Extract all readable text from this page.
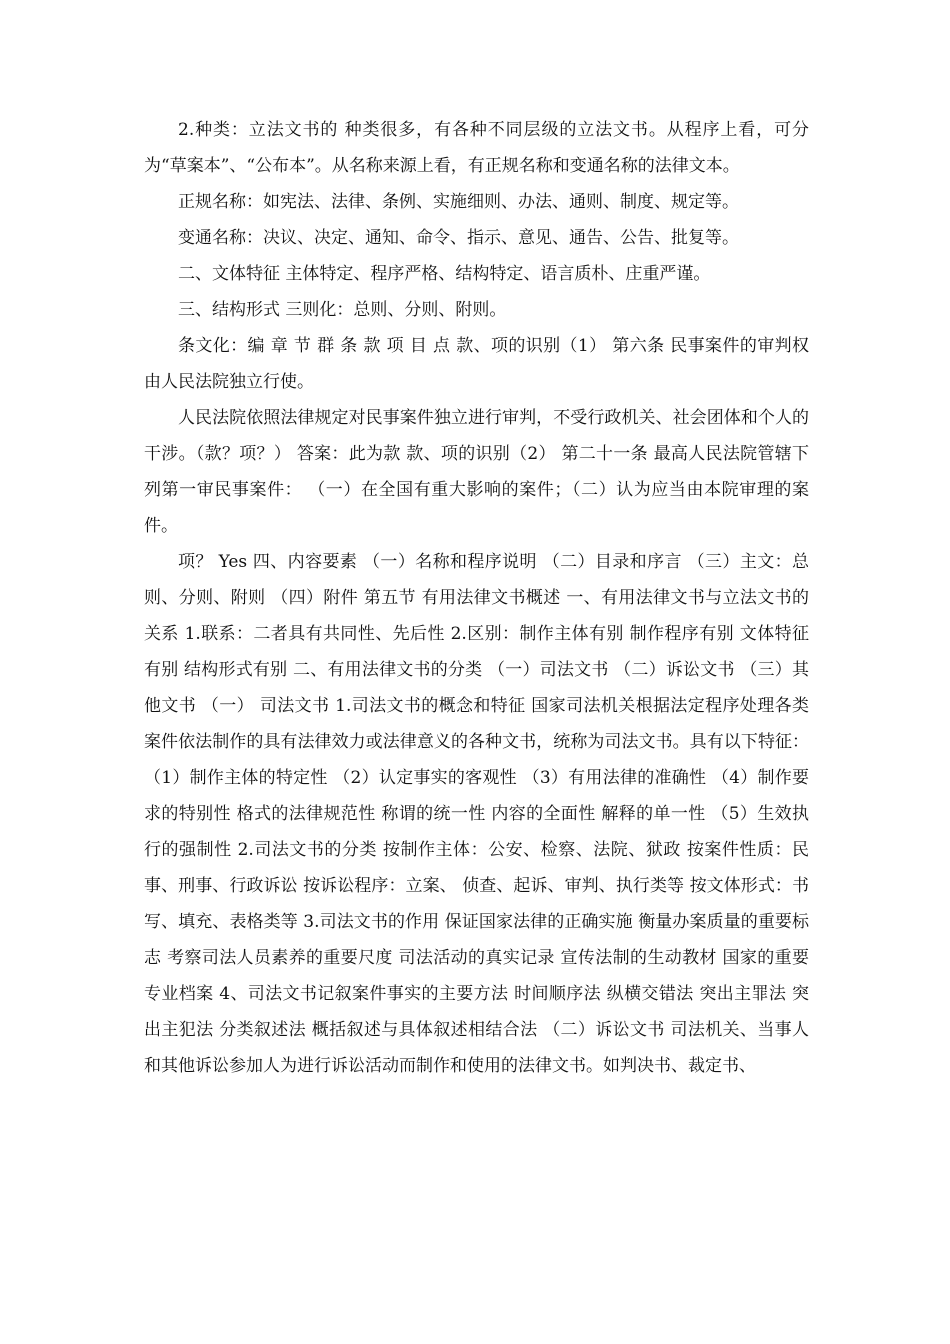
2.种类：立法文书的 种类很多，有各种不同层级的立法文书。从程序上看，可分为“草案本”、“公布本”。从名称来源上看，有正规名称和变通名称的法律文本。

正规名称：如宪法、法律、条例、实施细则、办法、通则、制度、规定等。

变通名称：决议、决定、通知、命令、指示、意见、通告、公告、批复等。

二、文体特征 主体特定、程序严格、结构特定、语言质朴、庄重严谨。

三、结构形式 三则化：总则、分则、附则。

条文化：编 章 节 群 条 款 项 目 点 款、项的识别（1） 第六条 民事案件的审判权由人民法院独立行使。

人民法院依照法律规定对民事案件独立进行审判，不受行政机关、社会团体和个人的干涉。（款？项？） 答案：此为款 款、项的识别（2） 第二十一条 最高人民法院管辖下列第一审民事案件： （一）在全国有重大影响的案件；（二）认为应当由本院审理的案件。

项？ Yes 四、内容要素 （一）名称和程序说明 （二）目录和序言 （三）主文：总则、分则、附则 （四）附件 第五节 有用法律文书概述 一、有用法律文书与立法文书的关系 1.联系：二者具有共同性、先后性 2.区别：制作主体有别 制作程序有别 文体特征有别 结构形式有别 二、有用法律文书的分类 （一）司法文书 （二）诉讼文书 （三）其他文书 （一） 司法文书 1.司法文书的概念和特征 国家司法机关根据法定程序处理各类案件依法制作的具有法律效力或法律意义的各种文书，统称为司法文书。具有以下特征： （1）制作主体的特定性 （2）认定事实的客观性 （3）有用法律的准确性 （4）制作要求的特别性 格式的法律规范性 称谓的统一性 内容的全面性 解释的单一性 （5）生效执行的强制性 2.司法文书的分类 按制作主体：公安、检察、法院、狱政 按案件性质：民事、刑事、行政诉讼 按诉讼程序：立案、 侦查、起诉、审判、执行类等 按文体形式：书写、填充、表格类等 3.司法文书的作用 保证国家法律的正确实施 衡量办案质量的重要标志 考察司法人员素养的重要尺度 司法活动的真实记录 宣传法制的生动教材 国家的重要专业档案 4、司法文书记叙案件事实的主要方法 时间顺序法 纵横交错法 突出主罪法 突出主犯法 分类叙述法 概括叙述与具体叙述相结合法 （二）诉讼文书 司法机关、当事人和其他诉讼参加人为进行诉讼活动而制作和使用的法律文书。如判决书、裁定书、
